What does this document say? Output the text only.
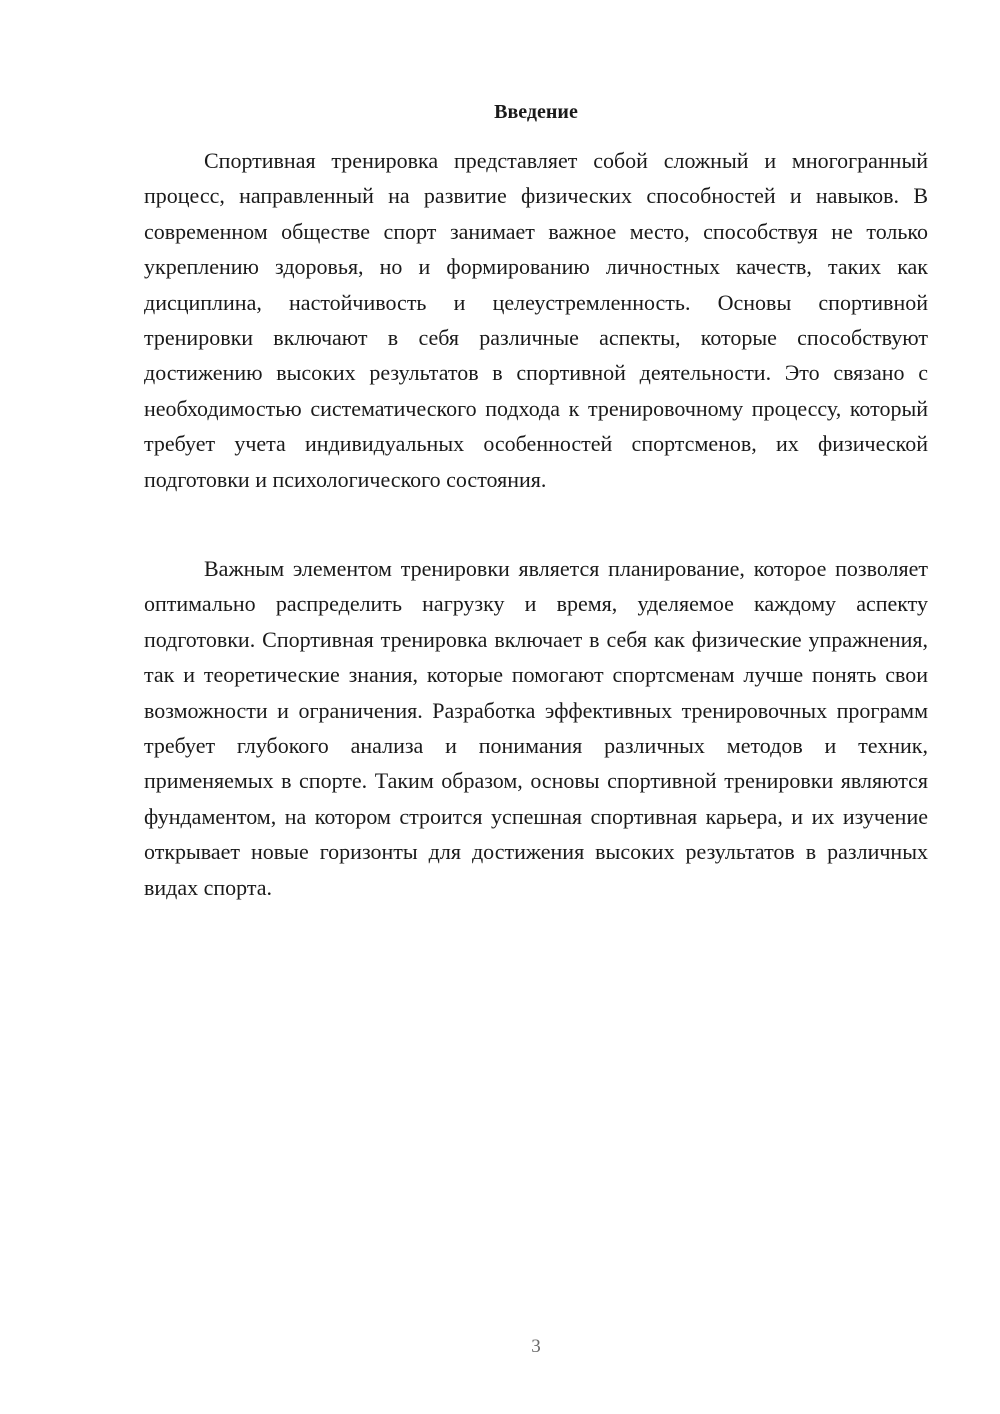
Введение

Спортивная тренировка представляет собой сложный и многогранный процесс, направленный на развитие физических способностей и навыков. В современном обществе спорт занимает важное место, способствуя не только укреплению здоровья, но и формированию личностных качеств, таких как дисциплина, настойчивость и целеустремленность. Основы спортивной тренировки включают в себя различные аспекты, которые способствуют достижению высоких результатов в спортивной деятельности. Это связано с необходимостью систематического подхода к тренировочному процессу, который требует учета индивидуальных особенностей спортсменов, их физической подготовки и психологического состояния.

Важным элементом тренировки является планирование, которое позволяет оптимально распределить нагрузку и время, уделяемое каждому аспекту подготовки. Спортивная тренировка включает в себя как физические упражнения, так и теоретические знания, которые помогают спортсменам лучше понять свои возможности и ограничения. Разработка эффективных тренировочных программ требует глубокого анализа и понимания различных методов и техник, применяемых в спорте. Таким образом, основы спортивной тренировки являются фундаментом, на котором строится успешная спортивная карьера, и их изучение открывает новые горизонты для достижения высоких результатов в различных видах спорта.

3
